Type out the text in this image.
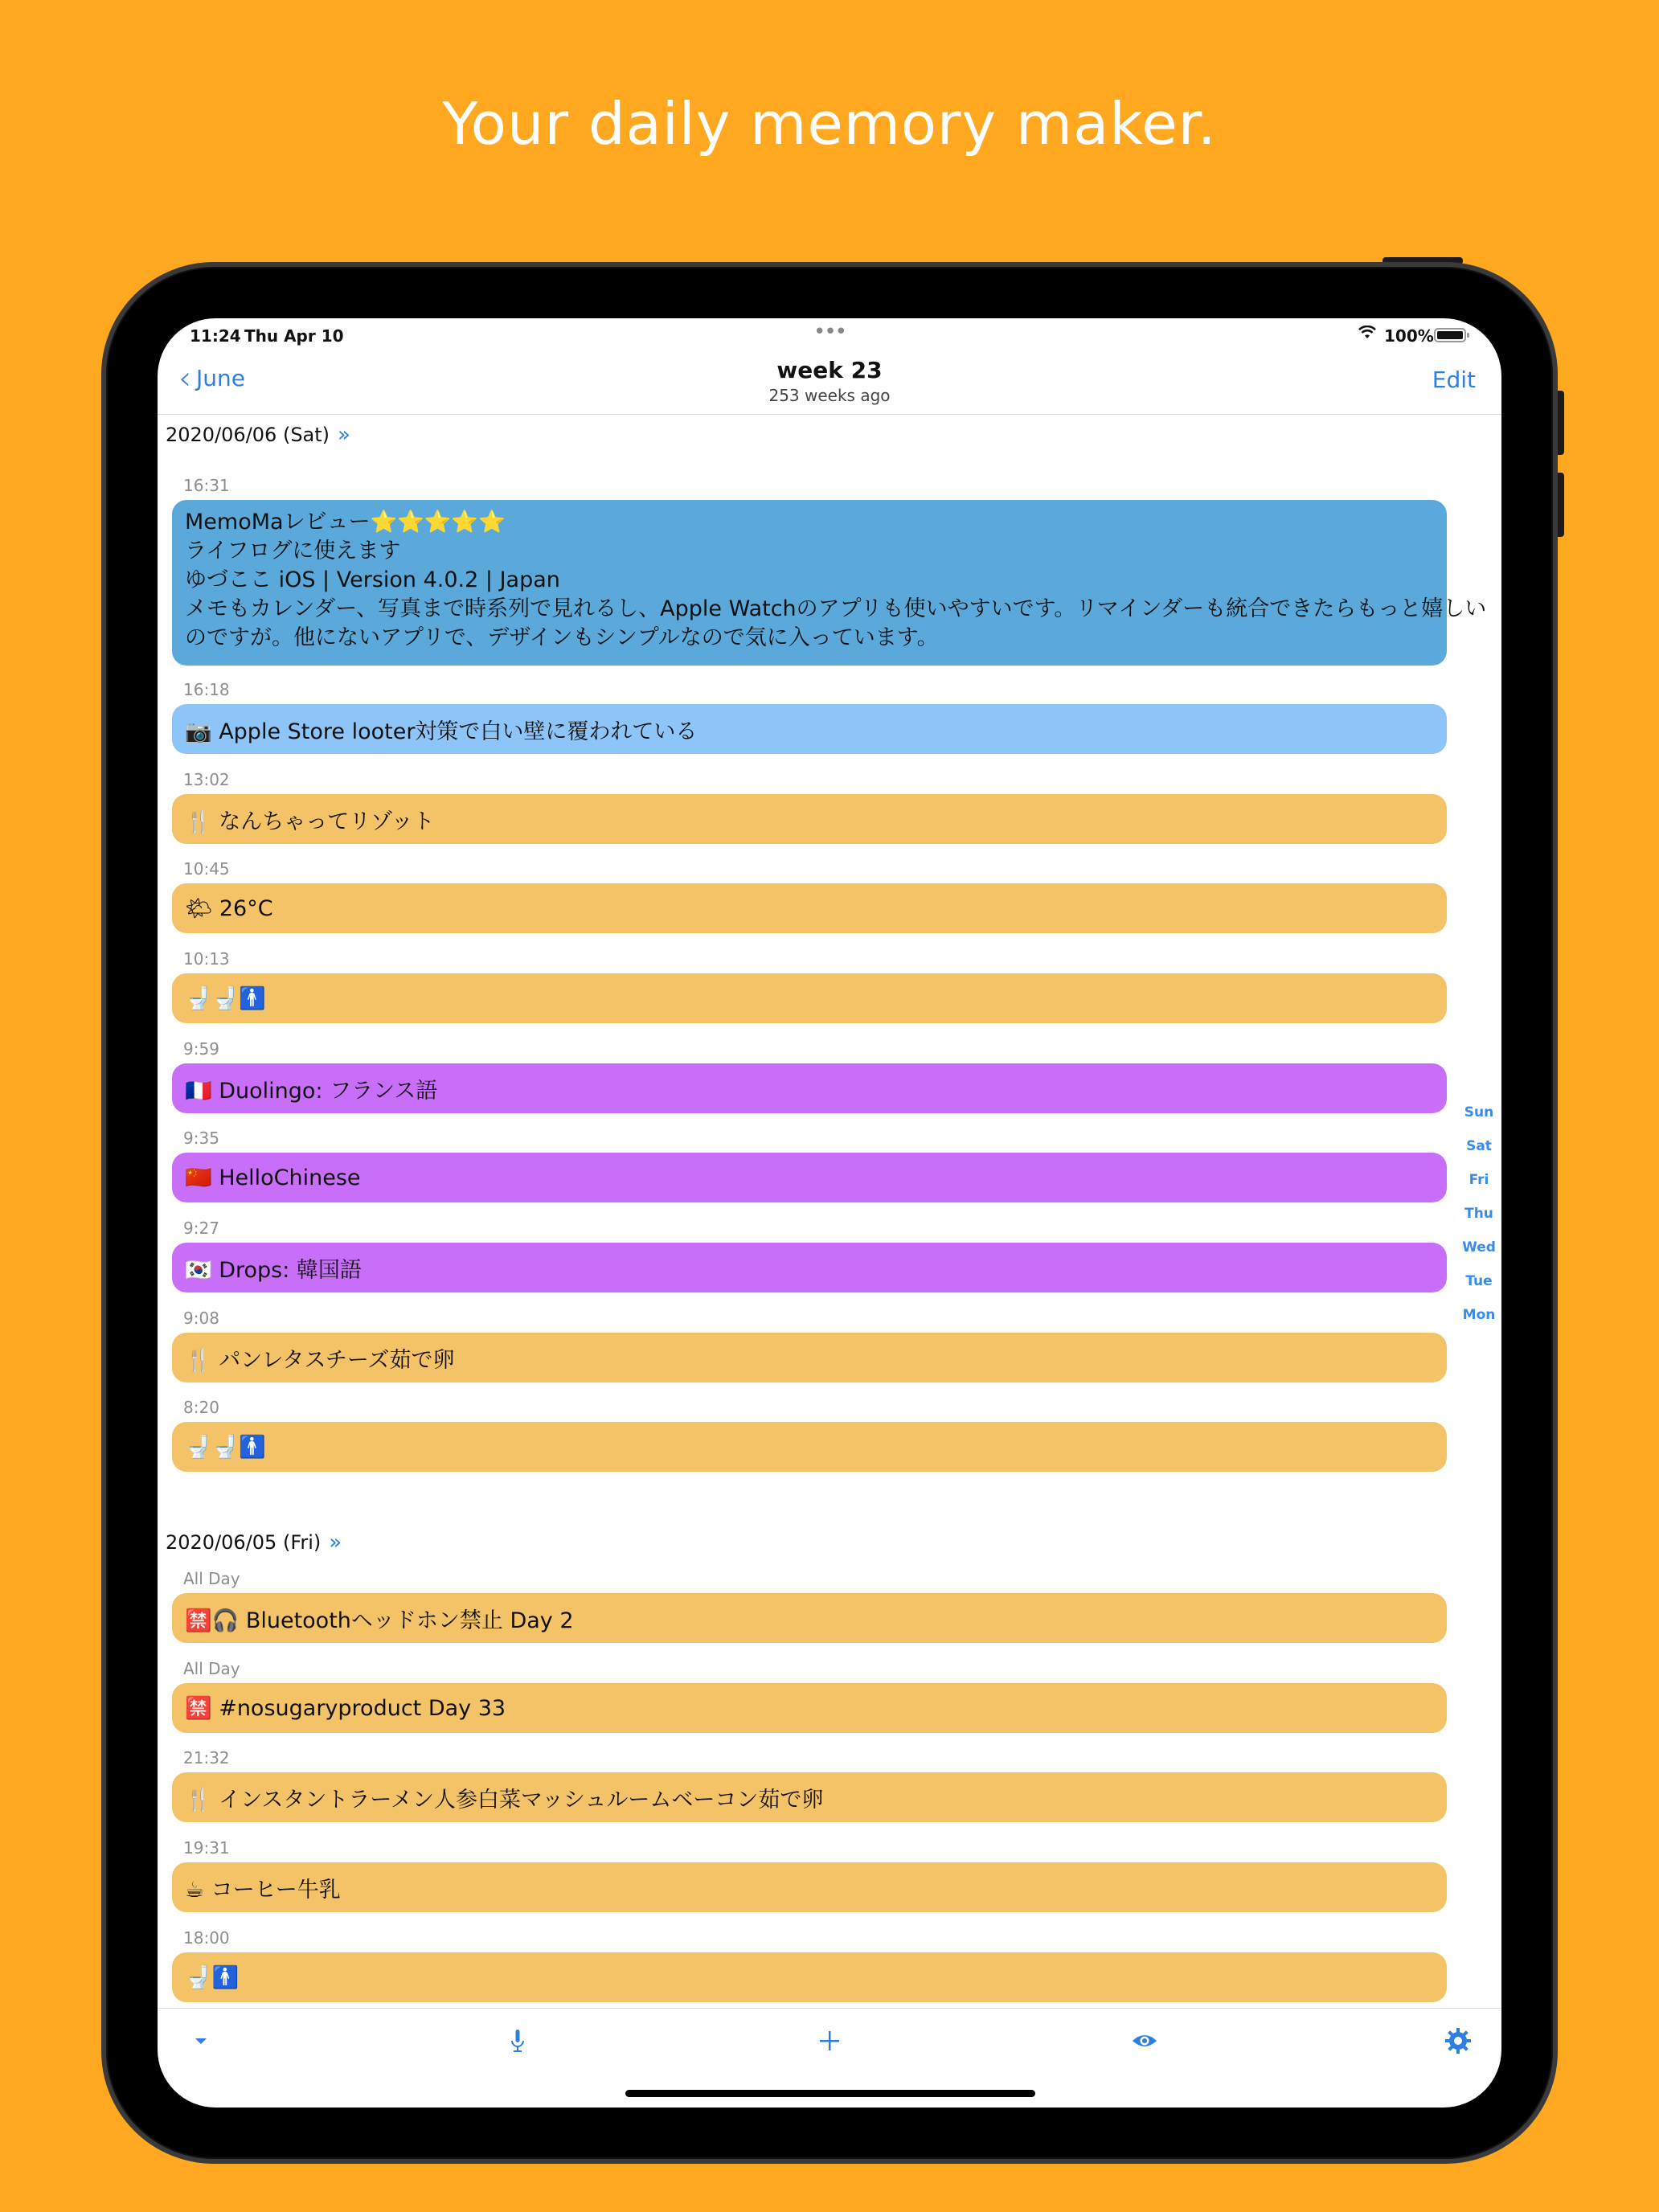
Your daily memory maker.
11:24 Thu Apr 10	•••	100%
‹ June	week 23
253 weeks ago
Edit
2020/06/06 (Sat) »
16:31
MemoMaレビュー⭐️⭐️⭐️⭐️⭐️
ライフログに使えます
ゆづここ iOS | Version 4.0.2 | Japan
メモもカレンダー、写真まで時系列で見れるし、Apple Watchのアプリも使いやすいです。リマインダーも統合できたらもっと嬉しい
のですが。他にないアプリで、デザインもシンプルなので気に入っています。
16:18
📷 Apple Store looter対策で白い壁に覆われている
13:02
🍴 なんちゃってリゾット
10:45
🌤 26°C
10:13
🚽🚽🚹
9:59
🇫🇷 Duolingo: フランス語
9:35
🇨🇳 HelloChinese
9:27
🇰🇷 Drops: 韓国語
9:08
🍴 パンレタスチーズ茹で卵
8:20
🚽🚽🚹
2020/06/05 (Fri) »
All Day
🈲🎧 Bluetoothヘッドホン禁止 Day 2
All Day
🈲 #nosugaryproduct Day 33
21:32
🍴 インスタントラーメン人参白菜マッシュルームベーコン茹で卵
19:31
☕ コーヒー牛乳
18:00
🚽🚹
Sun
Sat
Fri
Thu
Wed
Tue
Mon
